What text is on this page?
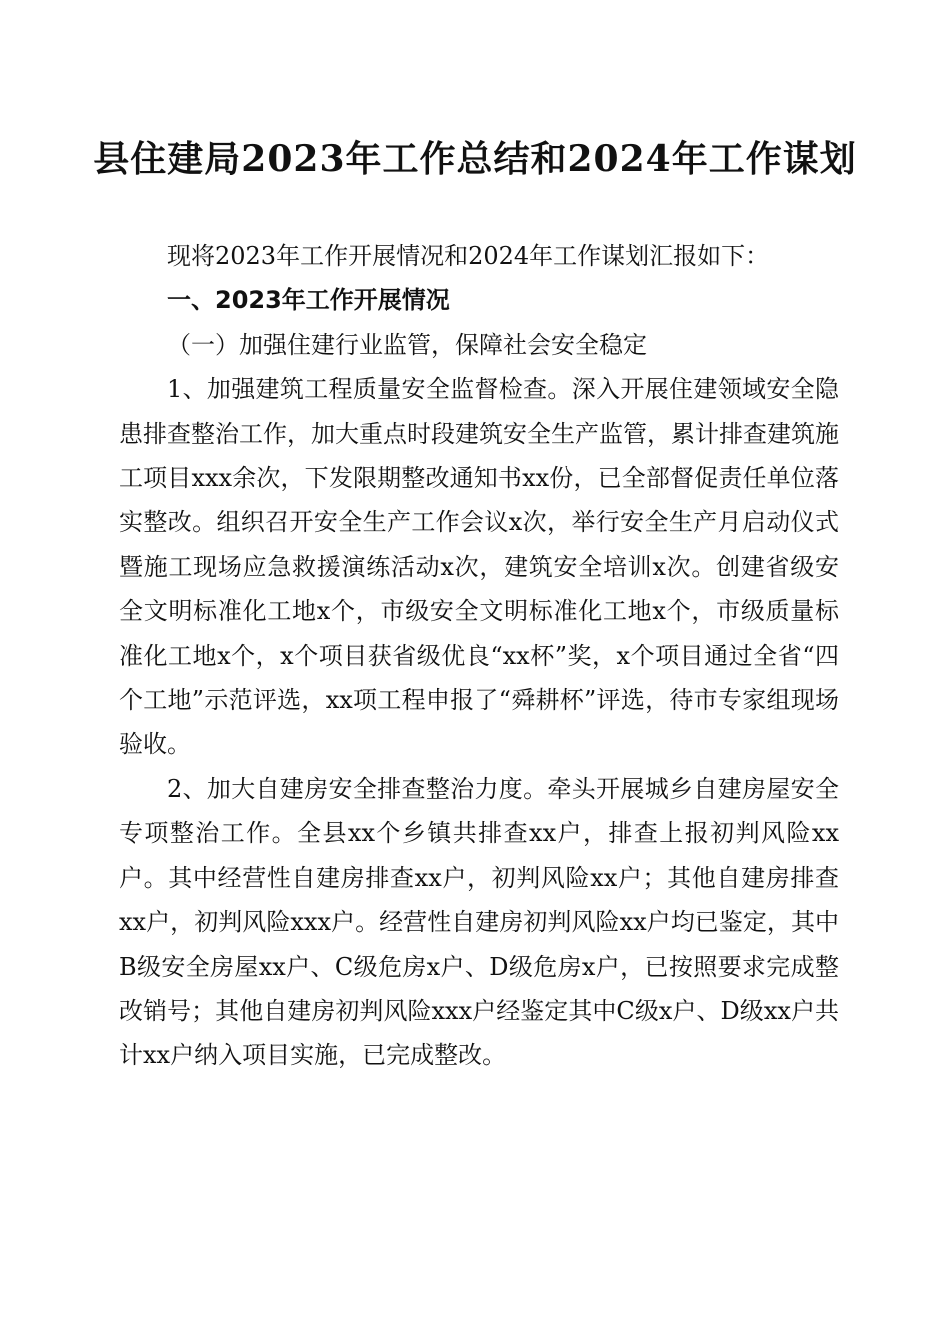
县住建局2023年工作总结和2024年工作谋划

现将2023年工作开展情况和2024年工作谋划汇报如下：

一、2023年工作开展情况

（一）加强住建行业监管，保障社会安全稳定

1、加强建筑工程质量安全监督检查。深入开展住建领域安全隐患排查整治工作，加大重点时段建筑安全生产监管，累计排查建筑施工项目xxx余次，下发限期整改通知书xx份，已全部督促责任单位落实整改。组织召开安全生产工作会议x次，举行安全生产月启动仪式暨施工现场应急救援演练活动x次，建筑安全培训x次。创建省级安全文明标准化工地x个，市级安全文明标准化工地x个，市级质量标准化工地x个，x个项目获省级优良“xx杯”奖，x个项目通过全省“四个工地”示范评选，xx项工程申报了“舜耕杯”评选，待市专家组现场验收。

2、加大自建房安全排查整治力度。牵头开展城乡自建房屋安全专项整治工作。全县xx个乡镇共排查xx户，排查上报初判风险xx户。其中经营性自建房排查xx户，初判风险xx户；其他自建房排查xx户，初判风险xxx户。经营性自建房初判风险xx户均已鉴定，其中B级安全房屋xx户、C级危房x户、D级危房x户，已按照要求完成整改销号；其他自建房初判风险xxx户经鉴定其中C级x户、D级xx户共计xx户纳入项目实施，已完成整改。
